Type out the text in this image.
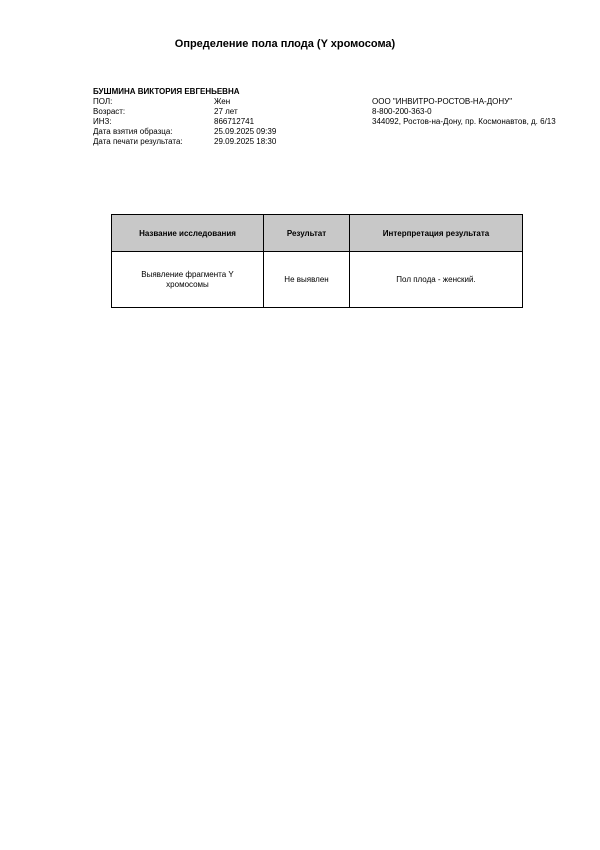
Определение пола плода (Y хромосома)
БУШМИНА ВИКТОРИЯ ЕВГЕНЬЕВНА
ПОЛ:	Жен
Возраст:	27 лет
ИНЗ:	866712741
Дата взятия образца:	25.09.2025 09:39
Дата печати результата:	29.09.2025 18:30
ООО "ИНВИТРО-РОСТОВ-НА-ДОНУ"
8-800-200-363-0
344092, Ростов-на-Дону, пр. Космонавтов, д. 6/13
Название исследования	Результат	Интерпретация результата
Выявление фрагмента Y
хромосомы	Не выявлен	Пол плода - женский.
